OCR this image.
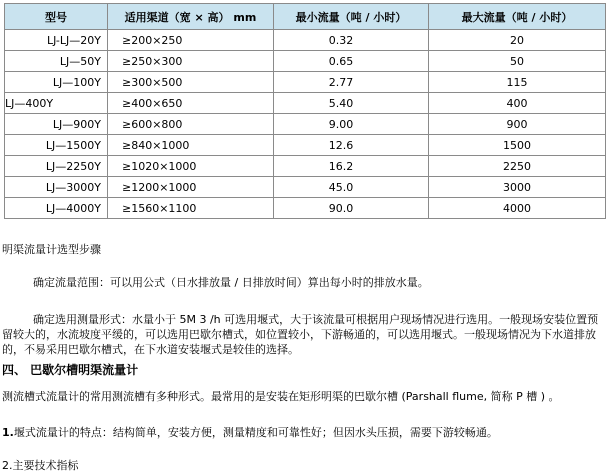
型号	适用渠道（宽 × 高） mm	最小流量（吨 / 小时）	最大流量（吨 / 小时）
LJ-LJ—20Y	≥200×250	0.32	20
LJ—50Y	≥250×300	0.65	50
LJ—100Y	≥300×500	2.77	115
LJ—400Y	≥400×650	5.40	400
LJ—900Y	≥600×800	9.00	900
LJ—1500Y	≥840×1000	12.6	1500
LJ—2250Y	≥1020×1000	16.2	2250
LJ—3000Y	≥1200×1000	45.0	3000
LJ—4000Y	≥1560×1100	90.0	4000
明渠流量计选型步骤
确定流量范围：可以用公式（日水排放量 / 日排放时间）算出每小时的排放水量。
确定选用测量形式：水量小于 5M 3 /h 可选用堰式，大于该流量可根据用户现场情况进行选用。一般现场安装位置预留较大的，水流坡度平缓的，可以选用巴歇尔槽式，如位置较小，下游畅通的，可以选用堰式。一般现场情况为下水道排放的，不易采用巴歇尔槽式，在下水道安装堰式是较佳的选择。
四、 巴歇尔槽明渠流量计
测流槽式流量计的常用测流槽有多种形式。最常用的是安装在矩形明渠的巴歇尔槽 (Parshall flume, 简称 P 槽 ) 。
1.堰式流量计的特点：结构简单，安装方便，测量精度和可靠性好；但因水头压损，需要下游较畅通。
2.主要技术指标
